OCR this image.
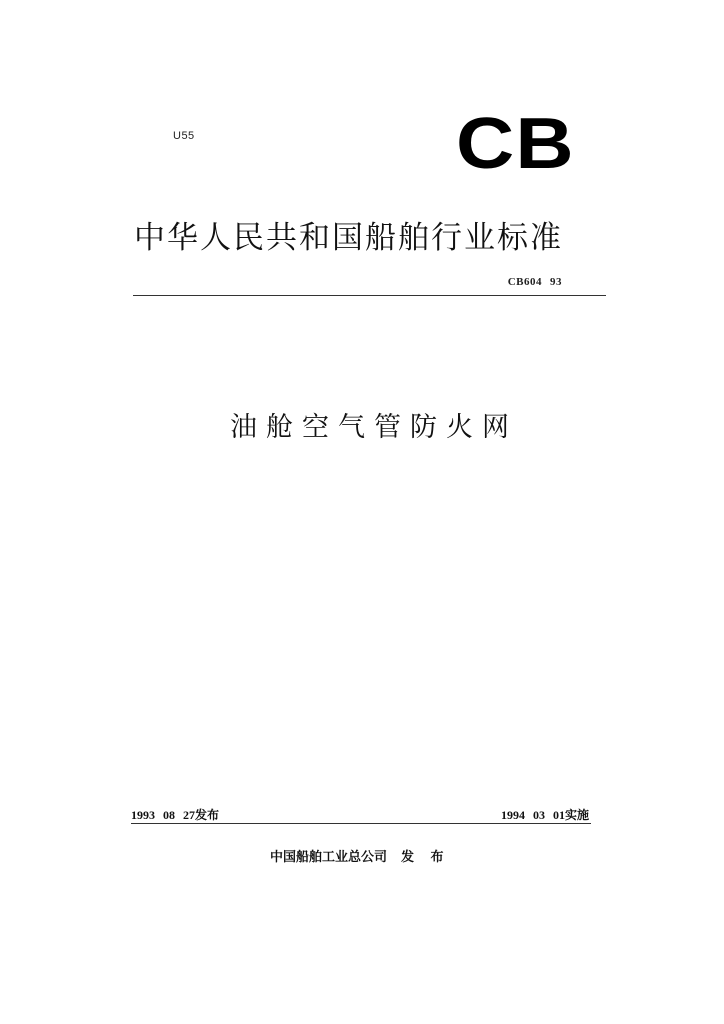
U55	CB
中华人民共和国船舶行业标准
CB604 93
油舱空气管防火网
1993 08 27发布	1994 03 01实施
中国船舶工业总公司 发 布
